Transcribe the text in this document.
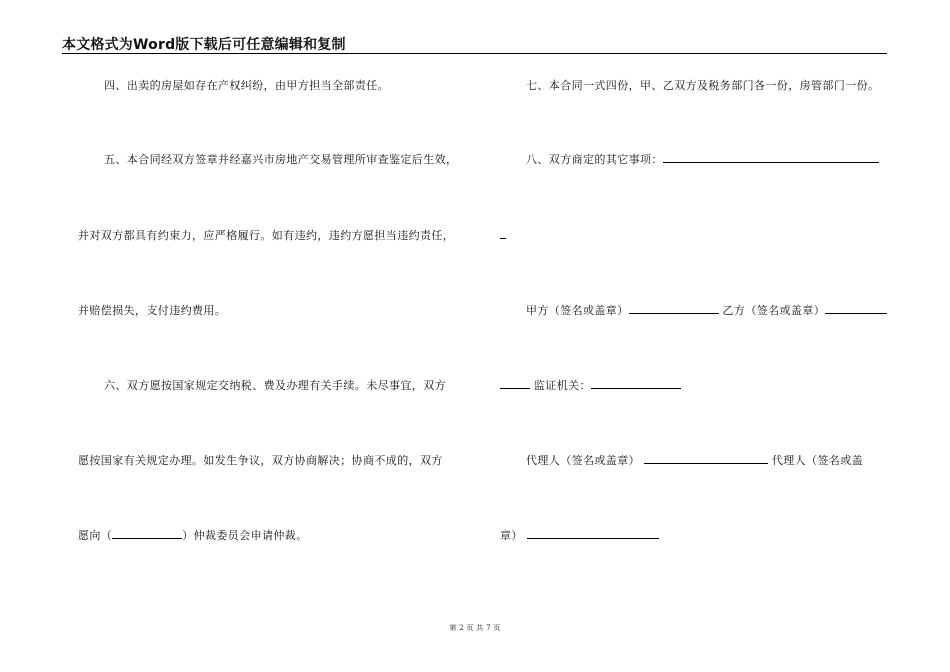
本文格式为Word版下载后可任意编辑和复制
四、出卖的房屋如存在产权纠纷，由甲方担当全部责任。
五、本合同经双方签章并经嘉兴市房地产交易管理所审查鉴定后生效，
并对双方都具有约束力，应严格履行。如有违约，违约方愿担当违约责任，
并赔偿损失，支付违约费用。
六、双方愿按国家规定交纳税、费及办理有关手续。未尽事宜，双方
愿按国家有关规定办理。如发生争议，双方协商解决；协商不成的，双方
愿向（	）仲裁委员会申请仲裁。
七、本合同一式四份，甲、乙双方及税务部门各一份，房管部门一份。
八、双方商定的其它事项：
甲方（签名或盖章）	乙方（签名或盖章）
监证机关：
代理人（签名或盖章）	代理人（签名或盖
章）
第 2 页 共 7 页
